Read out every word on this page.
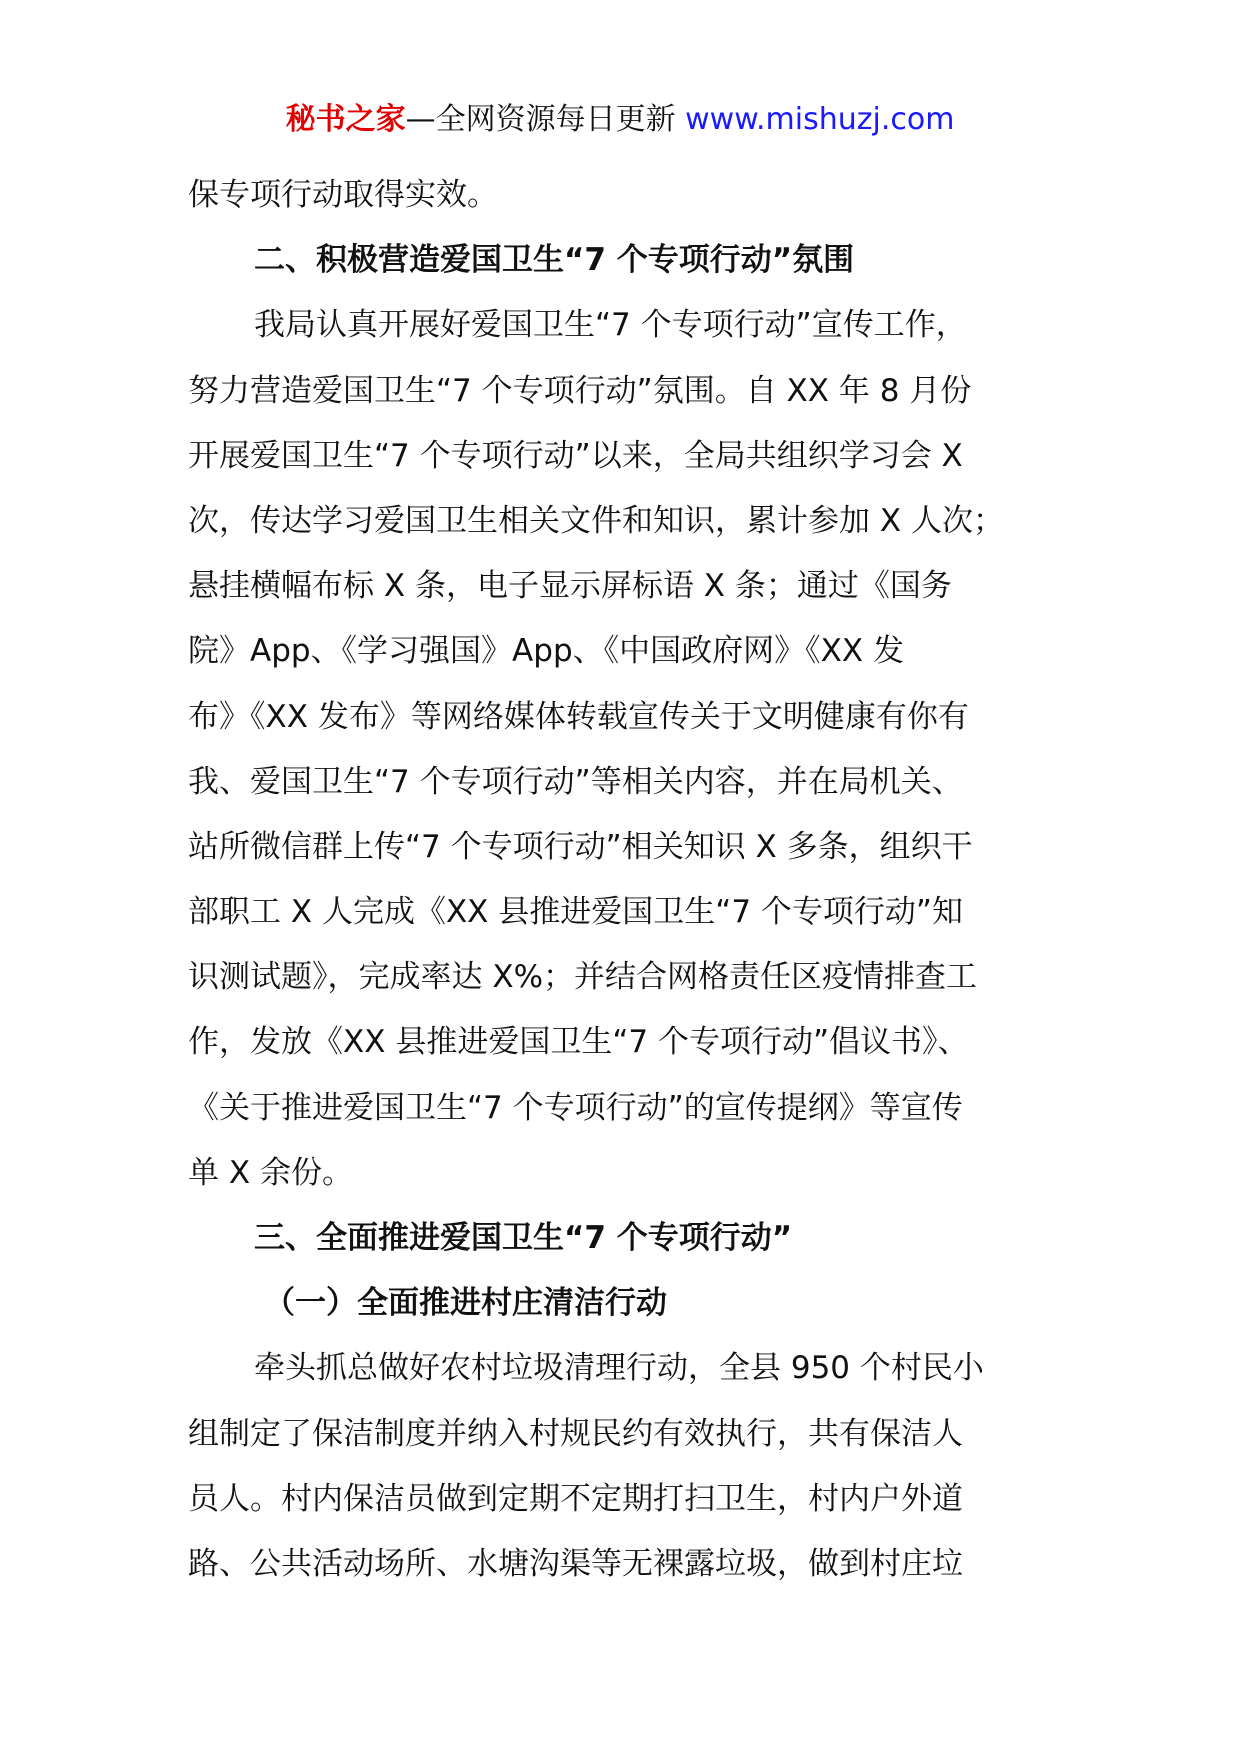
秘书之家—全网资源每日更新 www.mishuzj.com
保专项行动取得实效。
二、积极营造爱国卫生“7 个专项行动”氛围
我局认真开展好爱国卫生“7 个专项行动”宣传工作，
努力营造爱国卫生“7 个专项行动”氛围。自 XX 年 8 月份
开展爱国卫生“7 个专项行动”以来，全局共组织学习会 X
次，传达学习爱国卫生相关文件和知识，累计参加 X 人次；
悬挂横幅布标 X 条，电子显示屏标语 X 条；通过《国务
院》App、《学习强国》App、《中国政府网》《XX 发
布》《XX 发布》等网络媒体转载宣传关于文明健康有你有
我、爱国卫生“7 个专项行动”等相关内容，并在局机关、
站所微信群上传“7 个专项行动”相关知识 X 多条，组织干
部职工 X 人完成《XX 县推进爱国卫生“7 个专项行动”知
识测试题》，完成率达 X%；并结合网格责任区疫情排查工
作，发放《XX 县推进爱国卫生“7 个专项行动”倡议书》、
《关于推进爱国卫生“7 个专项行动”的宣传提纲》等宣传
单 X 余份。
三、全面推进爱国卫生“7 个专项行动”
（一）全面推进村庄清洁行动
牵头抓总做好农村垃圾清理行动，全县 950 个村民小
组制定了保洁制度并纳入村规民约有效执行，共有保洁人
员人。村内保洁员做到定期不定期打扫卫生，村内户外道
路、公共活动场所、水塘沟渠等无裸露垃圾，做到村庄垃
